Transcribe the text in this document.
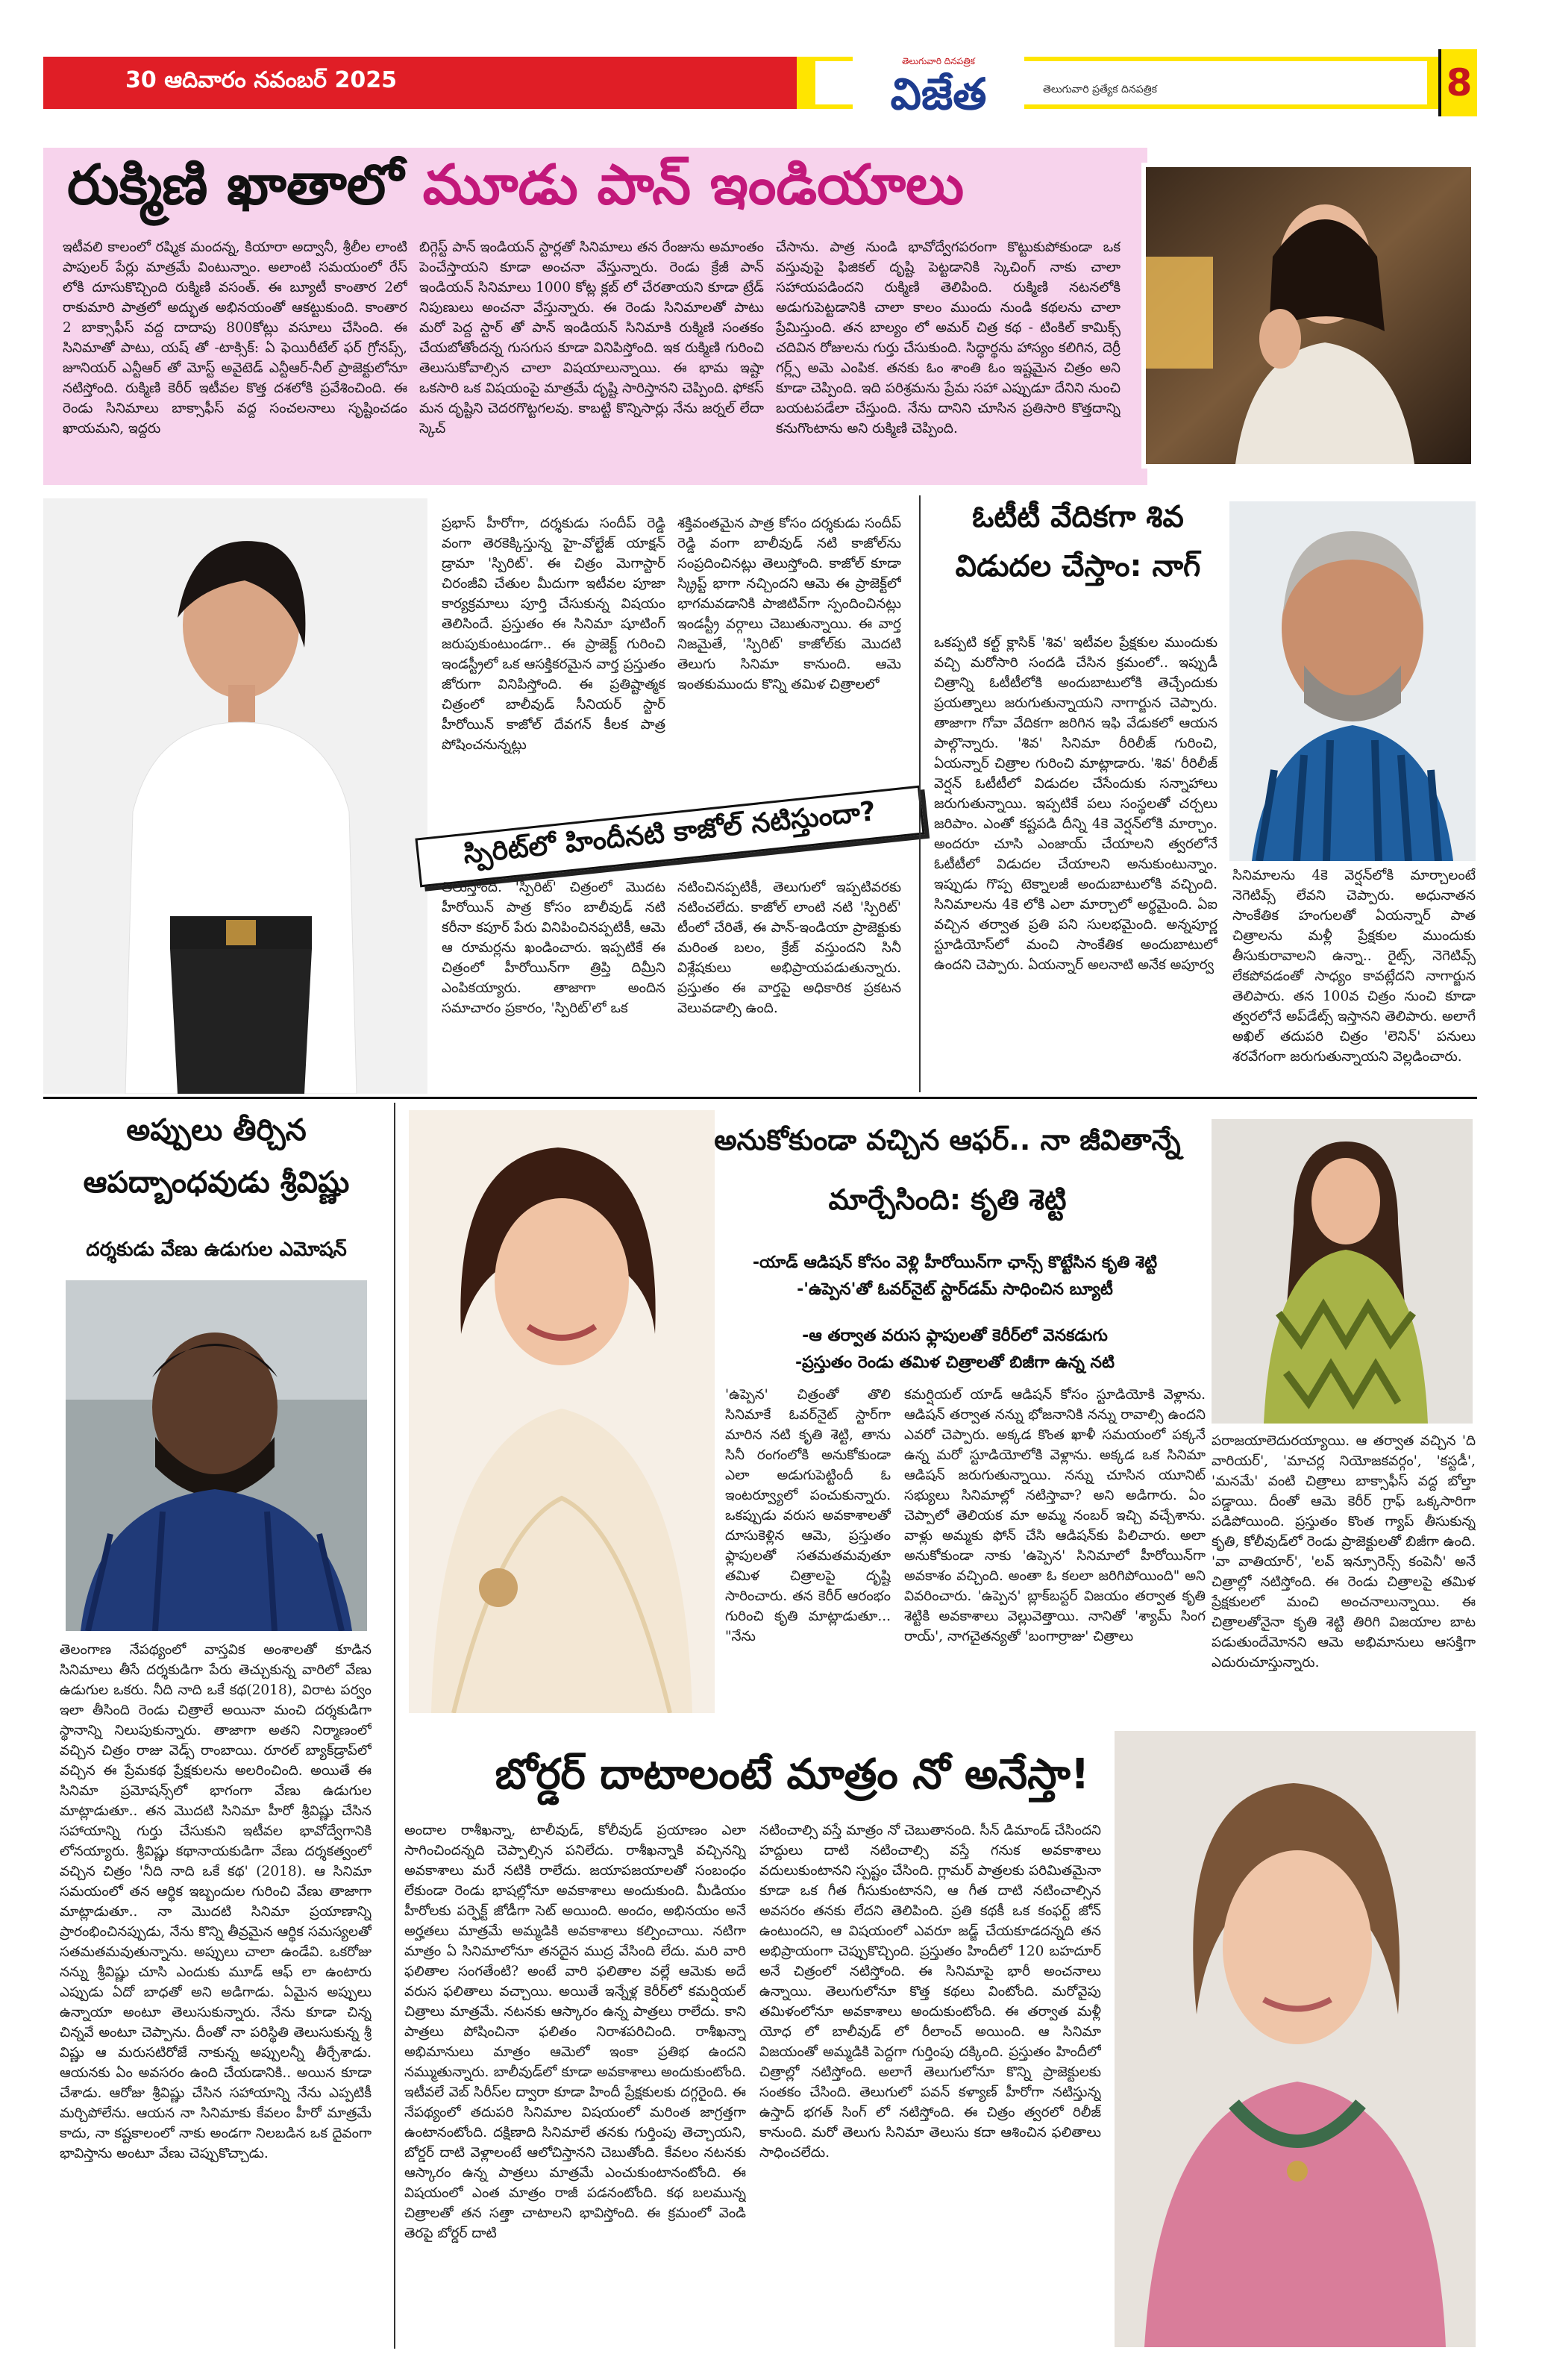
30 ఆదివారం నవంబర్ 2025
తెలుగువారి దినపత్రిక
విజేత	తెలుగువారి ప్రత్యేక దినపత్రిక	8
రుక్మిణి ఖాతాలో మూడు పాన్ ఇండియాలు
ఇటీవలి కాలంలో రష్మిక మందన్న, కియారా అద్వానీ, శ్రీలీల లాంటి పాపులర్ పేర్లు మాత్రమే వింటున్నాం. అలాంటి సమయంలో రేస్ లోకి దూసుకొచ్చింది రుక్మిణి వసంత్. ఈ బ్యూటీ కాంతార 2లో రాకుమారి పాత్రలో అద్భుత అభినయంతో ఆకట్టుకుంది. కాంతార 2 బాక్సాఫీస్ వద్ద దాదాపు 800కోట్లు వసూలు చేసింది. ఈ సినిమాతో పాటు, యష్ తో -టాక్సిక్: ఏ ఫెయిరీటేల్ ఫర్ గ్రోనప్స్, జూనియర్ ఎన్టీఆర్ తో మోస్ట్ అవైటెడ్ ఎన్టీఆర్-నీల్ ప్రాజెక్టులోనూ నటిస్తోంది. రుక్మిణి కెరీర్ ఇటీవల కొత్త దశలోకి ప్రవేశించింది. ఈ రెండు సినిమాలు బాక్సాఫీస్ వద్ద సంచలనాలు సృష్టించడం ఖాయమని, ఇద్దరు
బిగ్గెస్ట్ పాన్ ఇండియన్ స్టార్లతో సినిమాలు తన రేంజును అమాంతం పెంచేస్తాయని కూడా అంచనా వేస్తున్నారు. రెండు క్రేజీ పాన్ ఇండియన్ సినిమాలు 1000 కోట్ల క్లబ్ లో చేరతాయని కూడా ట్రేడ్ నిపుణులు అంచనా వేస్తున్నారు. ఈ రెండు సినిమాలతో పాటు మరో పెద్ద స్టార్ తో పాన్ ఇండియన్ సినిమాకి రుక్మిణి సంతకం చేయబోతోందన్న గుసగుస కూడా వినిపిస్తోంది. ఇక రుక్మిణి గురించి తెలుసుకోవాల్సిన చాలా విషయాలున్నాయి. ఈ భామ ఇష్టా ఒకసారి ఒక విషయంపై మాత్రమే దృష్టి సారిస్తానని చెప్పింది. ఫోకస్ మన దృష్టిని చెదరగొట్టగలవు. కాబట్టి కొన్నిసార్లు నేను జర్నల్ లేదా స్కెచ్
చేసాను. పాత్ర నుండి భావోద్వేగపరంగా కొట్టుకుపోకుండా ఒక వస్తువుపై ఫిజికల్ దృష్టి పెట్టడానికి స్కెచింగ్ నాకు చాలా సహాయపడిందని రుక్మిణి తెలిపింది. రుక్మిణి నటనలోకి అడుగుపెట్టడానికి చాలా కాలం ముందు నుండి కథలను చాలా ప్రేమిస్తుంది. తన బాల్యం లో అమర్ చిత్ర కథ - టింకిల్ కామిక్స్ చదివిన రోజులను గుర్తు చేసుకుంది. సిద్ధార్థను హాస్యం కలిగిన, దెర్రీ గర్ల్స్ అమె ఎంపిక. తనకు ఓం శాంతి ఓం ఇష్టమైన చిత్రం అని కూడా చెప్పింది. ఇది పరిశ్రమను ప్రేమ సహా ఎప్పుడూ దేనిని నుంచి బయటపడేలా చేస్తుంది. నేను దానిని చూసిన ప్రతిసారి కొత్తదాన్ని కనుగొంటాను అని రుక్మిణి చెప్పింది.
ప్రభాస్ హీరోగా, దర్శకుడు సందీప్ రెడ్డి వంగా తెరకెక్కిస్తున్న హై-వోల్టేజ్ యాక్షన్ డ్రామా 'స్పిరిట్'. ఈ చిత్రం మెగాస్టార్ చిరంజీవి చేతుల మీదుగా ఇటీవల పూజా కార్యక్రమాలు పూర్తి చేసుకున్న విషయం తెలిసిందే. ప్రస్తుతం ఈ సినిమా షూటింగ్ జరుపుకుంటుండగా.. ఈ ప్రాజెక్ట్ గురించి ఇండస్ట్రీలో ఒక ఆసక్తికరమైన వార్త ప్రస్తుతం జోరుగా వినిపిస్తోంది. ఈ ప్రతిష్టాత్మక చిత్రంలో బాలీవుడ్ సీనియర్ స్టార్ హీరోయిన్ కాజోల్ దేవగన్ కీలక పాత్ర పోషించనున్నట్లు
శక్తివంతమైన పాత్ర కోసం దర్శకుడు సందీప్ రెడ్డి వంగా బాలీవుడ్ నటి కాజోల్‌ను సంప్రదించినట్లు తెలుస్తోంది. కాజోల్ కూడా స్క్రిప్ట్ భాగా నచ్చిందని ఆమె ఈ ప్రాజెక్ట్‌లో భాగమవడానికి పాజిటివ్‌గా స్పందించినట్లు ఇండస్ట్రీ వర్గాలు చెబుతున్నాయి. ఈ వార్త నిజమైతే, 'స్పిరిట్' కాజోల్‌కు మొదటి తెలుగు సినిమా కానుంది. ఆమె ఇంతకుముందు కొన్ని తమిళ చిత్రాలలో
స్పిరిట్‌లో హిందీనటి కాజోల్ నటిస్తుందా?
తెలుస్తోంది. 'స్పిరిట్' చిత్రంలో మొదట హీరోయిన్ పాత్ర కోసం బాలీవుడ్ నటి కరీనా కపూర్ పేరు వినిపించినప్పటికీ, ఆమె ఆ రూమర్లను ఖండించారు. ఇప్పటికే ఈ చిత్రంలో హీరోయిన్‌గా త్రిప్తి దిమ్రీని ఎంపికయ్యారు. తాజాగా అందిన సమాచారం ప్రకారం, 'స్పిరిట్'లో ఒక
నటించినప్పటికీ, తెలుగులో ఇప్పటివరకు నటించలేదు. కాజోల్ లాంటి నటి 'స్పిరిట్' టీంలో చేరితే, ఈ పాన్-ఇండియా ప్రాజెక్టుకు మరింత బలం, క్రేజ్ వస్తుందని సినీ విశ్లేషకులు అభిప్రాయపడుతున్నారు. ప్రస్తుతం ఈ వార్తపై అధికారిక ప్రకటన వెలువడాల్సి ఉంది.
ఓటీటీ వేదికగా శివ విడుదల చేస్తాం: నాగ్
ఒకప్పటి కల్ట్ క్లాసిక్ 'శివ' ఇటీవల ప్రేక్షకుల ముందుకు వచ్చి మరోసారి సందడి చేసిన క్రమంలో.. ఇప్పుడీ చిత్రాన్ని ఓటీటీలోకి అందుబాటులోకి తెచ్చేందుకు ప్రయత్నాలు జరుగుతున్నాయని నాగార్జున చెప్పారు. తాజాగా గోవా వేదికగా జరిగిన ఇఫి వేడుకలో ఆయన పాల్గొన్నారు. 'శివ' సినిమా రీరిలీజ్ గురించి, ఏయన్నార్ చిత్రాల గురించి మాట్లాడారు. 'శివ' రీరిలీజ్ వెర్షన్ ఓటీటీలో విడుదల చేసేందుకు సన్నాహాలు జరుగుతున్నాయి. ఇప్పటికే పలు సంస్థలతో చర్చలు జరిపాం. ఎంతో కష్టపడి దీన్ని 4కె వెర్షన్‌లోకి మార్చాం. అందరూ చూసి ఎంజాయ్ చేయాలని త్వరలోనే ఓటీటీలో విడుదల చేయాలని అనుకుంటున్నాం. ఇప్పుడు గొప్ప టెక్నాలజీ అందుబాటులోకి వచ్చింది. సినిమాలను 4కె లోకి ఎలా మార్చాలో అర్థమైంది. ఏఐ వచ్చిన తర్వాత ప్రతి పని సులభమైంది. అన్నపూర్ణ స్టూడియోస్‌లో మంచి సాంకేతిక అందుబాటులో ఉందని చెప్పారు. ఏయన్నార్ అలనాటి అనేక అపూర్వ
సినిమాలను 4కె వెర్షన్‌లోకి మార్చాలంటే నెగెటివ్స్ లేవని చెప్పారు. అధునాతన సాంకేతిక హంగులతో ఏయన్నార్ పాత చిత్రాలను మళ్లీ ప్రేక్షకుల ముందుకు తీసుకురావాలని ఉన్నా.. రైట్స్, నెగెటివ్స్ లేకపోవడంతో సాధ్యం కావట్లేదని నాగార్జున తెలిపారు. తన 100వ చిత్రం నుంచి కూడా త్వరలోనే అప్‌డేట్స్ ఇస్తానని తెలిపారు. అలాగే అఖిల్ తదుపరి చిత్రం 'లెనిన్' పనులు శరవేగంగా జరుగుతున్నాయని వెల్లడించారు.
అప్పులు తీర్చిన ఆపద్బాంధవుడు శ్రీవిష్ణు
దర్శకుడు వేణు ఉడుగుల ఎమోషన్
తెలంగాణ నేపథ్యంలో వాస్తవిక అంశాలతో కూడిన సినిమాలు తీసే దర్శకుడిగా పేరు తెచ్చుకున్న వారిలో వేణు ఉడుగుల ఒకరు. నీది నాది ఒకే కథ(2018), విరాట పర్వం ఇలా తీసింది రెండు చిత్రాలే అయినా మంచి దర్శకుడిగా స్థానాన్ని నిలుపుకున్నారు. తాజాగా అతని నిర్మాణంలో వచ్చిన చిత్రం రాజు వెడ్స్ రాంబాయి. రూరల్ బ్యాక్‌డ్రాప్‌లో వచ్చిన ఈ ప్రేమకథ ప్రేక్షకులను అలరించింది. అయితే ఈ సినిమా ప్రమోషన్స్‌లో భాగంగా వేణు ఉడుగుల మాట్లాడుతూ.. తన మొదటి సినిమా హీరో శ్రీవిష్ణు చేసిన సహాయాన్ని గుర్తు చేసుకుని ఇటీవల భావోద్వేగానికి లోనయ్యారు. శ్రీవిష్ణు కథానాయకుడిగా వేణు దర్శకత్వంలో వచ్చిన చిత్రం 'నీది నాది ఒకే కథ' (2018). ఆ సినిమా సమయంలో తన ఆర్థిక ఇబ్బందుల గురించి వేణు తాజాగా మాట్లాడుతూ.. నా మొదటి సినిమా ప్రయాణాన్ని ప్రారంభించినప్పుడు, నేను కొన్ని తీవ్రమైన ఆర్థిక సమస్యలతో సతమతమవుతున్నాను. అప్పులు చాలా ఉండేవి. ఒకరోజు నన్ను శ్రీవిష్ణు చూసి ఎందుకు మూడ్ ఆఫ్ లా ఉంటారు ఎప్పుడు ఏదో బాధతో అని అడిగాడు. ఏమైన అప్పులు ఉన్నాయా అంటూ తెలుసుకున్నారు. నేను కూడా చిన్న చిన్నవే అంటూ చెప్పాను. దీంతో నా పరిస్థితి తెలుసుకున్న శ్రీ విష్ణు ఆ మరుసటిరోజే నాకున్న అప్పులన్నీ తీర్చేశాడు. ఆయనకు ఏం అవసరం ఉంది చేయడానికి.. అయిన కూడా చేశాడు. ఆరోజు శ్రీవిష్ణు చేసిన సహాయాన్ని నేను ఎప్పటికీ మర్చిపోలేను. ఆయన నా సినిమాకు కేవలం హీరో మాత్రమే కాదు, నా కష్టకాలంలో నాకు అండగా నిలబడిన ఒక దైవంగా భావిస్తాను అంటూ వేణు చెప్పుకొచ్చాడు.
అనుకోకుండా వచ్చిన ఆఫర్.. నా జీవితాన్నే మార్చేసింది: కృతి శెట్టి
-యాడ్ ఆడిషన్ కోసం వెళ్లి హీరోయిన్‌గా ఛాన్స్ కొట్టేసిన కృతి శెట్టి
-'ఉప్పెన'తో ఓవర్‌నైట్ స్టార్‌డమ్ సాధించిన బ్యూటీ
-ఆ తర్వాత వరుస ఫ్లాపులతో కెరీర్‌లో వెనకడుగు
-ప్రస్తుతం రెండు తమిళ చిత్రాలతో బిజీగా ఉన్న నటి
'ఉప్పెన' చిత్రంతో తొలి సినిమాకే ఓవర్‌నైట్ స్టార్‌గా మారిన నటి కృతి శెట్టి, తాను సినీ రంగంలోకి అనుకోకుండా ఎలా అడుగుపెట్టిందీ ఓ ఇంటర్వ్యూలో పంచుకున్నారు. ఒకప్పుడు వరుస అవకాశాలతో దూసుకెళ్లిన ఆమె, ప్రస్తుతం ఫ్లాపులతో సతమతమవుతూ తమిళ చిత్రాలపై దృష్టి సారించారు. తన కెరీర్ ఆరంభం గురించి కృతి మాట్లాడుతూ... "నేను
కమర్షియల్ యాడ్ ఆడిషన్ కోసం స్టూడియోకి వెళ్లాను. ఆడిషన్ తర్వాత నన్ను భోజనానికి నన్ను రావాల్సి ఉందని ఎవరో చెప్పారు. అక్కడ కొంత ఖాళీ సమయంలో పక్కనే ఉన్న మరో స్టూడియోలోకి వెళ్లాను. అక్కడ ఒక సినిమా ఆడిషన్ జరుగుతున్నాయి. నన్ను చూసిన యూనిట్ సభ్యులు సినిమాల్లో నటిస్తావా? అని అడిగారు. ఏం చెప్పాలో తెలియక మా అమ్మ నంబర్ ఇచ్చి వచ్చేశాను. వాళ్లు అమ్మకు ఫోన్ చేసి ఆడిషన్‌కు పిలిచారు. అలా అనుకోకుండా నాకు 'ఉప్పెన' సినిమాలో హీరోయిన్‌గా అవకాశం వచ్చింది. అంతా ఓ కలలా జరిగిపోయింది" అని వివరించారు. 'ఉప్పెన' బ్లాక్‌బస్టర్ విజయం తర్వాత కృతి శెట్టికి అవకాశాలు వెల్లువెత్తాయి. నానితో 'శ్యామ్ సింగ రాయ్', నాగచైతన్యతో 'బంగార్రాజు' చిత్రాలు
పరాజయాలెదురయ్యాయి. ఆ తర్వాత వచ్చిన 'ది వారియర్', 'మాచర్ల నియోజకవర్గం', 'కస్టడీ', 'మనమే' వంటి చిత్రాలు బాక్సాఫీస్ వద్ద బోల్తా పడ్డాయి. దీంతో ఆమె కెరీర్ గ్రాఫ్ ఒక్కసారిగా పడిపోయింది. ప్రస్తుతం కొంత గ్యాప్ తీసుకున్న కృతి, కోలీవుడ్‌లో రెండు ప్రాజెక్టులతో బిజీగా ఉంది. 'వా వాతియార్', 'లవ్ ఇన్సూరెన్స్ కంపెనీ' అనే చిత్రాల్లో నటిస్తోంది. ఈ రెండు చిత్రాలపై తమిళ ప్రేక్షకులలో మంచి అంచనాలున్నాయి. ఈ చిత్రాలతోనైనా కృతి శెట్టి తిరిగి విజయాల బాట పడుతుందేమోనని ఆమె అభిమానులు ఆసక్తిగా ఎదురుచూస్తున్నారు.
బోర్డర్ దాటాలంటే మాత్రం నో అనేస్తా!
అందాల రాశీఖన్నా, టాలీవుడ్, కోలీవుడ్ ప్రయాణం ఎలా సాగించిందన్నది చెప్పాల్సిన పనిలేదు. రాశీఖన్నాకి వచ్చినన్ని అవకాశాలు మరే నటికి రాలేదు. జయాపజయాలతో సంబంధం లేకుండా రెండు భాషల్లోనూ అవకాశాలు అందుకుంది. మీడియం హీరోలకు పర్ఫెక్ట్ జోడీగా సెట్ అయింది. అందం, అభినయం అనే అర్హతలు మాత్రమే అమ్మడికి అవకాశాలు కల్పించాయి. నటిగా మాత్రం ఏ సినిమాలోనూ తనదైన ముద్ర వేసింది లేదు. మరి వారి ఫలితాల సంగతేంటి? అంటే వారి ఫలితాల వల్లే ఆమెకు అదే వరుస ఫలితాలు వచ్చాయి. అయితే ఇన్నేళ్ల కెరీర్‌లో కమర్షియల్ చిత్రాలు మాత్రమే. నటనకు ఆస్కారం ఉన్న పాత్రలు రాలేదు. కాని పాత్రలు పోషించినా ఫలితం నిరాశపరిచింది. రాశీఖన్నా అభిమానులు మాత్రం ఆమెలో ఇంకా ప్రతిభ ఉందని నమ్ముతున్నారు. బాలీవుడ్‌లో కూడా అవకాశాలు అందుకుంటోంది. ఇటీవలే వెబ్ సిరీస్‌ల ద్వారా కూడా హిందీ ప్రేక్షకులకు దగ్గరైంది. ఈ నేపథ్యంలో తదుపరి సినిమాల విషయంలో మరింత జాగ్రత్తగా ఉంటానంటోంది. దక్షిణాది సినిమాలే తనకు గుర్తింపు తెచ్చాయని, బోర్డర్ దాటి వెళ్లాలంటే ఆలోచిస్తానని చెబుతోంది. కేవలం నటనకు ఆస్కారం ఉన్న పాత్రలు మాత్రమే ఎంచుకుంటానంటోంది. ఈ విషయంలో ఎంత మాత్రం రాజీ పడనంటోంది. కథ బలమున్న చిత్రాలతో తన సత్తా చాటాలని భావిస్తోంది. ఈ క్రమంలో వెండి తెరపై బోర్డర్ దాటి
నటించాల్సి వస్తే మాత్రం నో చెబుతానంది. సీన్ డిమాండ్ చేసిందని హద్దులు దాటి నటించాల్సి వస్తే గనుక అవకాశాలు వదులుకుంటానని స్పష్టం చేసింది. గ్లామర్ పాత్రలకు పరిమితమైనా కూడా ఒక గీత గీసుకుంటానని, ఆ గీత దాటి నటించాల్సిన అవసరం తనకు లేదని తెలిపింది. ప్రతి కథకీ ఒక కంఫర్ట్ జోన్ ఉంటుందని, ఆ విషయంలో ఎవరూ జడ్జ్ చేయకూడదన్నది తన అభిప్రాయంగా చెప్పుకొచ్చింది. ప్రస్తుతం హిందీలో 120 బహదూర్ అనే చిత్రంలో నటిస్తోంది. ఈ సినిమాపై భారీ అంచనాలు ఉన్నాయి. తెలుగులోనూ కొత్త కథలు వింటోంది. మరోవైపు తమిళంలోనూ అవకాశాలు అందుకుంటోంది. ఈ తర్వాత మళ్లీ యోధ లో బాలీవుడ్ లో రీలాంచ్ అయింది. ఆ సినిమా విజయంతో అమ్మడికి పెద్దగా గుర్తింపు దక్కింది. ప్రస్తుతం హిందీలో చిత్రాల్లో నటిస్తోంది. అలాగే తెలుగులోనూ కొన్ని ప్రాజెక్టులకు సంతకం చేసింది. తెలుగులో పవన్ కళ్యాణ్ హీరోగా నటిస్తున్న ఉస్తాద్ భగత్ సింగ్ లో నటిస్తోంది. ఈ చిత్రం త్వరలో రిలీజ్ కానుంది. మరో తెలుగు సినిమా తెలుసు కదా ఆశించిన ఫలితాలు సాధించలేదు.
